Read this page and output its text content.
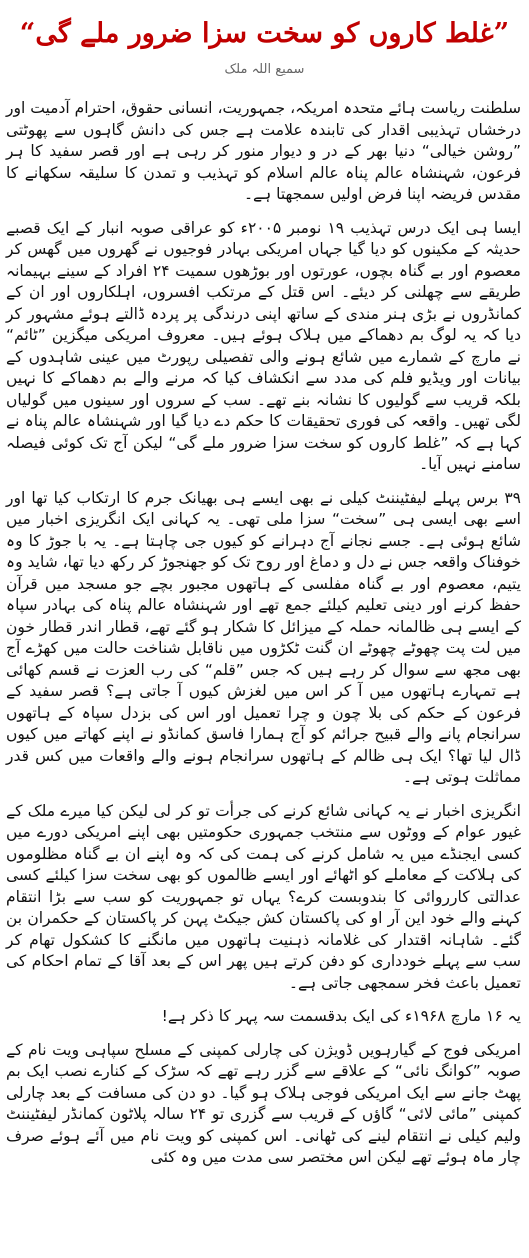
”غلط کاروں کو سخت سزا ضرور ملے گی“
سمیع اللہ ملک

سلطنت ریاست ہائے متحدہ امریکہ، جمہوریت، انسانی حقوق، احترام آدمیت اور درخشاں تہذیبی اقدار کی تابندہ علامت ہے جس کی دانش گاہوں سے پھوٹتی ”روشن خیالی“ دنیا بھر کے در و دیوار منور کر رہی ہے اور قصر سفید کا ہر فرعون، شہنشاہ عالم پناہ عالم اسلام کو تہذیب و تمدن کا سلیقہ سکھانے کا مقدس فریضہ اپنا فرض اولیں سمجھتا ہے۔

ایسا ہی ایک درس تہذیب ۱۹ نومبر ۲۰۰۵ء کو عراقی صوبہ انبار کے ایک قصبے حدیثہ کے مکینوں کو دیا گیا جہاں امریکی بہادر فوجیوں نے گھروں میں گھس کر معصوم اور بے گناہ بچوں، عورتوں اور بوڑھوں سمیت ۲۴ افراد کے سینے بہیمانہ طریقے سے چھلنی کر دیئے۔ اس قتل کے مرتکب افسروں، اہلکاروں اور ان کے کمانڈروں نے بڑی ہنر مندی کے ساتھ اپنی درندگی پر پردہ ڈالتے ہوئے مشہور کر دیا کہ یہ لوگ بم دھماکے میں ہلاک ہوئے ہیں۔ معروف امریکی میگزین ”ٹائم“ نے مارچ کے شمارے میں شائع ہونے والی تفصیلی رپورٹ میں عینی شاہدوں کے بیانات اور ویڈیو فلم کی مدد سے انکشاف کیا کہ مرنے والے بم دھماکے کا نہیں بلکہ قریب سے گولیوں کا نشانہ بنے تھے۔ سب کے سروں اور سینوں میں گولیاں لگی تھیں۔ واقعہ کی فوری تحقیقات کا حکم دے دیا گیا اور شہنشاہ عالم پناہ نے کہا ہے کہ ”غلط کاروں کو سخت سزا ضرور ملے گی“ لیکن آج تک کوئی فیصلہ سامنے نہیں آیا۔

۳۹ برس پہلے لیفٹیننٹ کیلی نے بھی ایسے ہی بھیانک جرم کا ارتکاب کیا تھا اور اسے بھی ایسی ہی ”سخت“ سزا ملی تھی۔ یہ کہانی ایک انگریزی اخبار میں شائع ہوئی ہے۔ جسے نجانے آج دہرانے کو کیوں جی چاہتا ہے۔ یہ با جوڑ کا وہ خوفناک واقعہ جس نے دل و دماغ اور روح تک کو جھنجوڑ کر رکھ دیا تھا، شاید وہ یتیم، معصوم اور بے گناہ مفلسی کے ہاتھوں مجبور بچے جو مسجد میں قرآن حفظ کرنے اور دینی تعلیم کیلئے جمع تھے اور شہنشاہ عالم پناہ کی بہادر سپاہ کے ایسے ہی ظالمانہ حملہ کے میزائل کا شکار ہو گئے تھے، قطار اندر قطار خون میں لت پت چھوٹے چھوٹے ان گنت ٹکڑوں میں ناقابل شناخت حالت میں کھڑے آج بھی مجھ سے سوال کر رہے ہیں کہ جس ”قلم“ کی رب العزت نے قسم کھائی ہے تمہارے ہاتھوں میں آ کر اس میں لغزش کیوں آ جاتی ہے؟ قصر سفید کے فرعون کے حکم کی بلا چون و چرا تعمیل اور اس کی بزدل سپاہ کے ہاتھوں سرانجام پانے والے قبیح جرائم کو آج ہمارا فاسق کمانڈو نے اپنے کھاتے میں کیوں ڈال لیا تھا؟ ایک ہی ظالم کے ہاتھوں سرانجام ہونے والے واقعات میں کس قدر مماثلت ہوتی ہے۔

انگریزی اخبار نے یہ کہانی شائع کرنے کی جرأت تو کر لی لیکن کیا میرے ملک کے غیور عوام کے ووٹوں سے منتخب جمہوری حکومتیں بھی اپنے امریکی دورے میں کسی ایجنڈے میں یہ شامل کرنے کی ہمت کی کہ وہ اپنے ان بے گناہ مظلوموں کی ہلاکت کے معاملے کو اٹھائے اور ایسے ظالموں کو بھی سخت سزا کیلئے کسی عدالتی کارروائی کا بندوبست کرے؟ یہاں تو جمہوریت کو سب سے بڑا انتقام کہنے والے خود این آر او کی پاکستان کش جیکٹ پہن کر پاکستان کے حکمران بن گئے۔ شاہانہ اقتدار کی غلامانہ ذہنیت ہاتھوں میں مانگنے کا کشکول تھام کر سب سے پہلے خودداری کو دفن کرتے ہیں پھر اس کے بعد آقا کے تمام احکام کی تعمیل باعث فخر سمجھی جاتی ہے۔

یہ ۱۶ مارچ ۱۹۶۸ء کی ایک بدقسمت سہ پہر کا ذکر ہے!

امریکی فوج کے گیارہویں ڈویژن کی چارلی کمپنی کے مسلح سپاہی ویت نام کے صوبہ ”کوانگ نائی“ کے علاقے سے گزر رہے تھے کہ سڑک کے کنارے نصب ایک بم پھٹ جانے سے ایک امریکی فوجی ہلاک ہو گیا۔ دو دن کی مسافت کے بعد چارلی کمپنی ”مائی لائی“ گاؤں کے قریب سے گزری تو ۲۴ سالہ پلاٹون کمانڈر لیفٹیننٹ ولیم کیلی نے انتقام لینے کی ٹھانی۔ اس کمپنی کو ویت نام میں آئے ہوئے صرف چار ماہ ہوئے تھے لیکن اس مختصر سی مدت میں وہ کئی
